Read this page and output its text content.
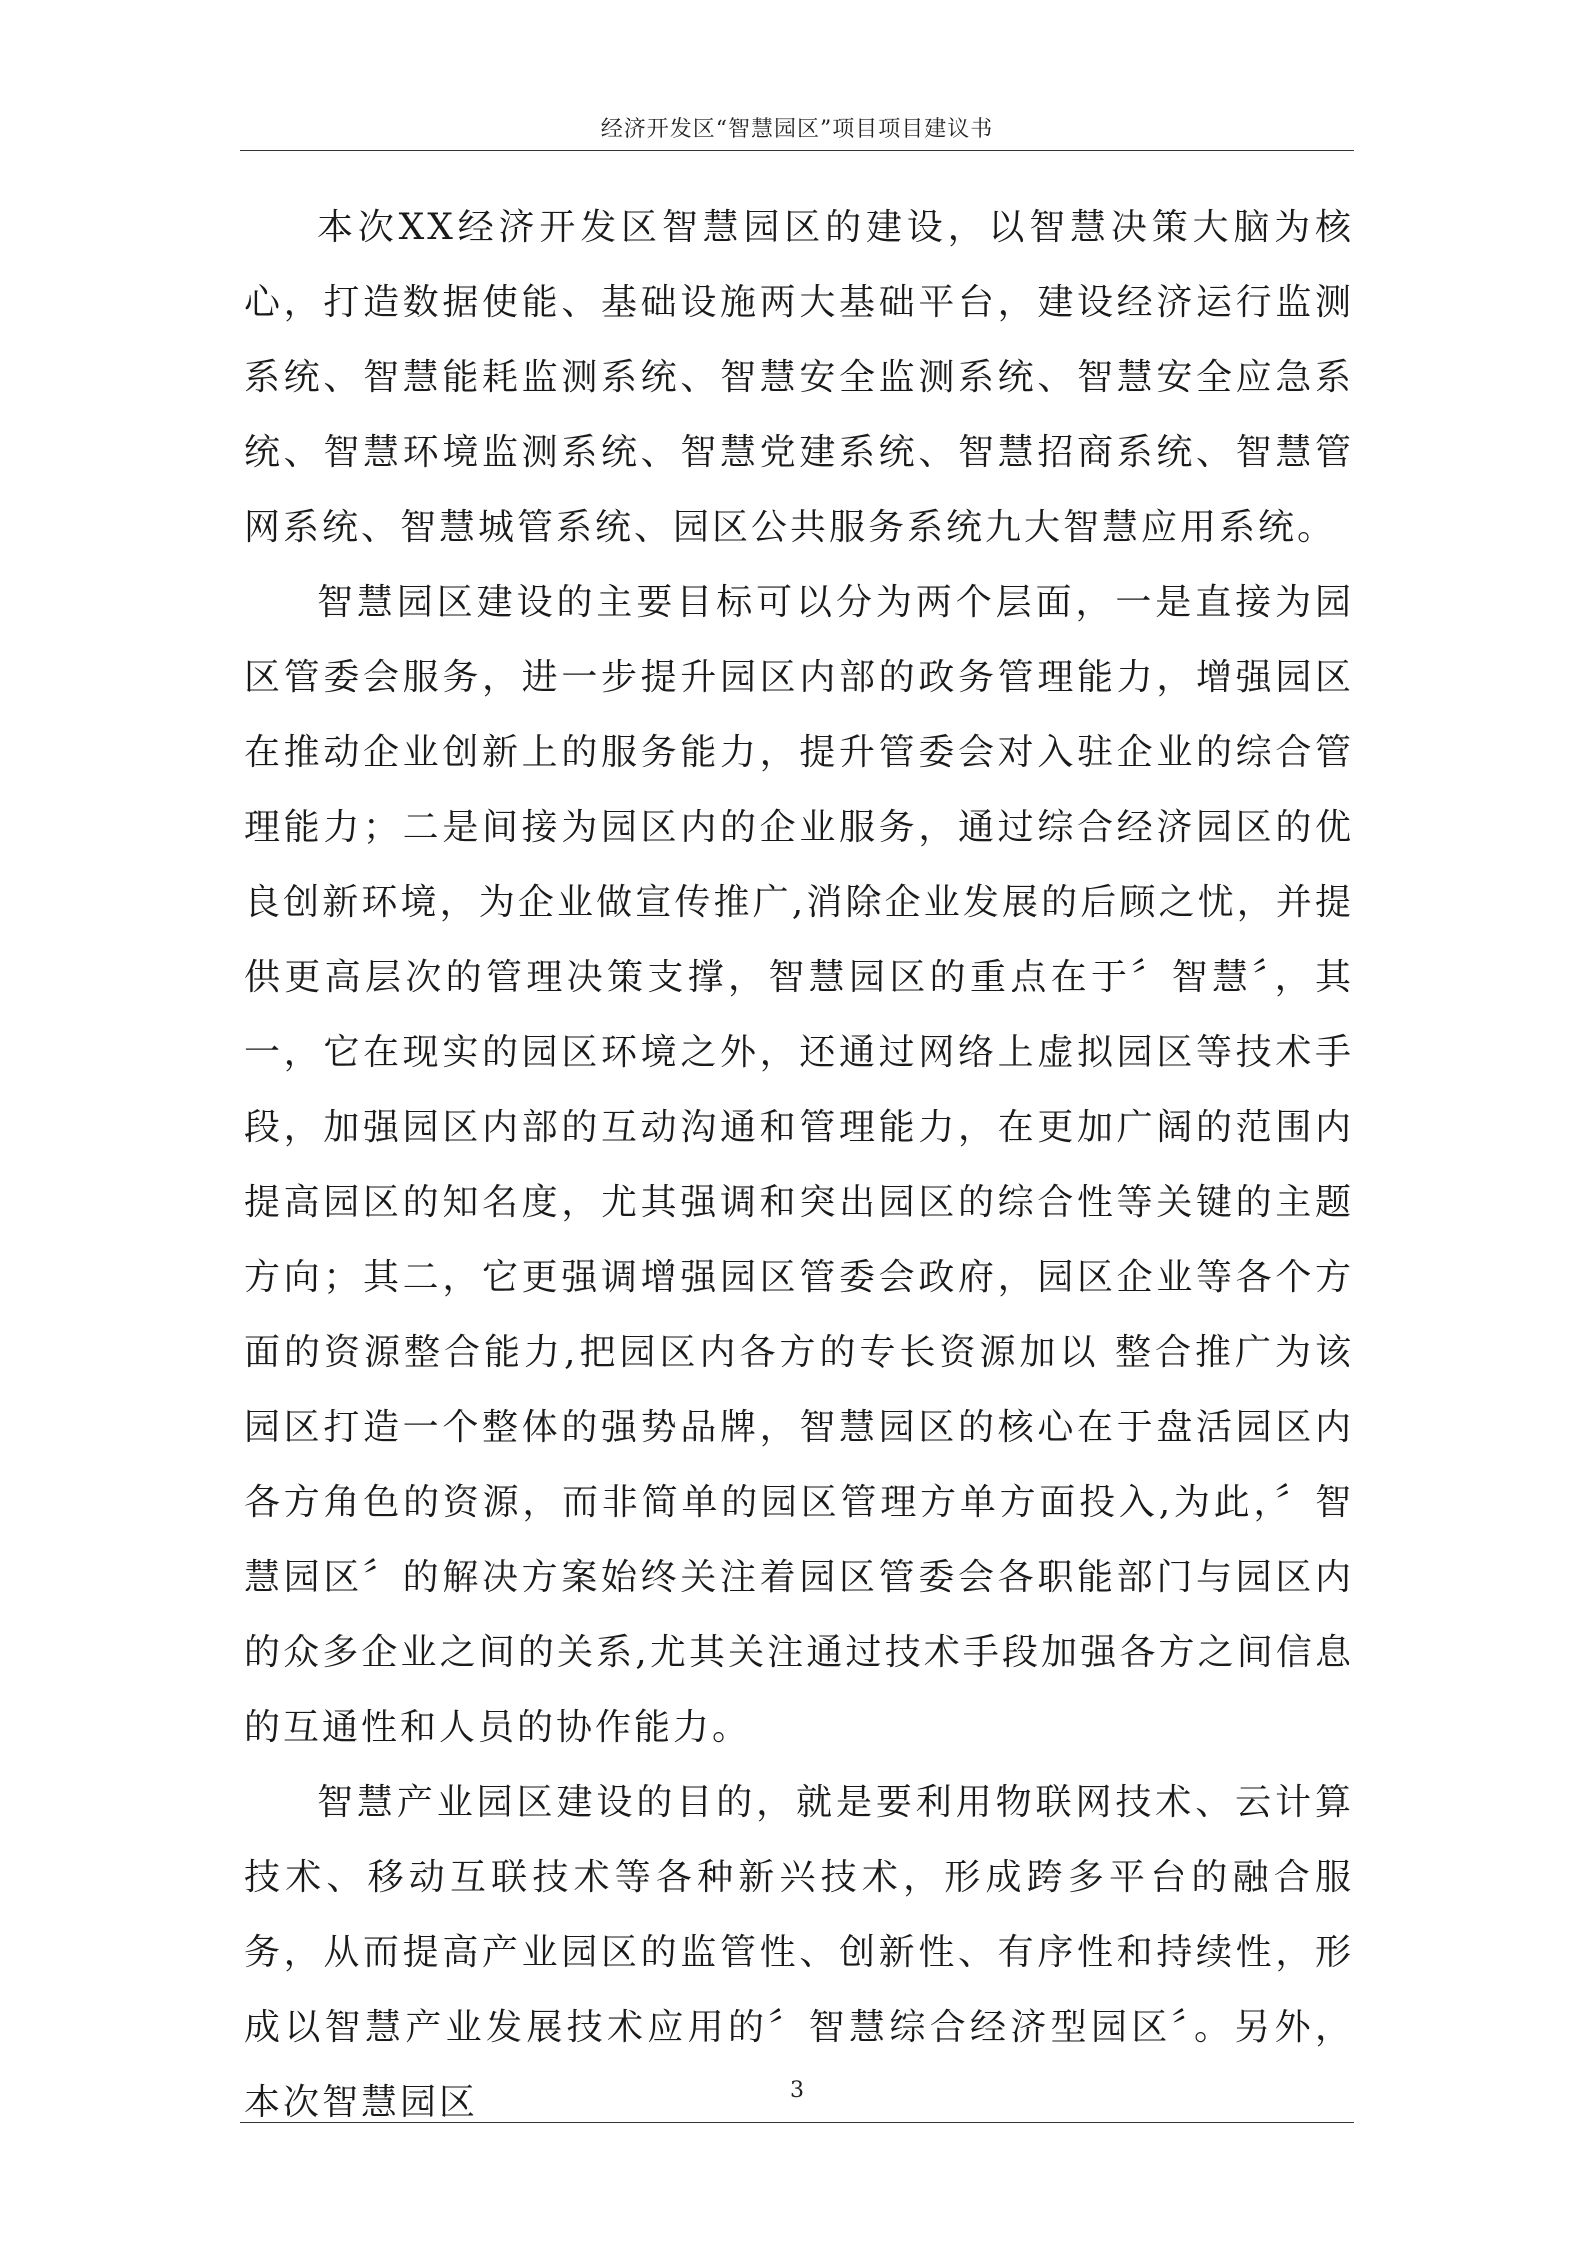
经济开发区“智慧园区”项目项目建议书

本次XX经济开发区智慧园区的建设，以智慧决策大脑为核心，打造数据使能、基础设施两大基础平台，建设经济运行监测系统、智慧能耗监测系统、智慧安全监测系统、智慧安全应急系统、智慧环境监测系统、智慧党建系统、智慧招商系统、智慧管网系统、智慧城管系统、园区公共服务系统九大智慧应用系统。

智慧园区建设的主要目标可以分为两个层面，一是直接为园区管委会服务，进一步提升园区内部的政务管理能力，增强园区在推动企业创新上的服务能力，提升管委会对入驻企业的综合管理能力；二是间接为园区内的企业服务，通过综合经济园区的优良创新环境，为企业做宣传推广,消除企业发展的后顾之忧，并提供更高层次的管理决策支撑，智慧园区的重点在于〞智慧〞，其一，它在现实的园区环境之外，还通过网络上虚拟园区等技术手段，加强园区内部的互动沟通和管理能力，在更加广阔的范围内提高园区的知名度，尤其强调和突出园区的综合性等关键的主题方向；其二，它更强调增强园区管委会政府，园区企业等各个方面的资源整合能力,把园区内各方的专长资源加以 整合推广为该园区打造一个整体的强势品牌，智慧园区的核心在于盘活园区内各方角色的资源，而非简单的园区管理方单方面投入,为此，〞智慧园区〞的解决方案始终关注着园区管委会各职能部门与园区内的众多企业之间的关系,尤其关注通过技术手段加强各方之间信息的互通性和人员的协作能力。

智慧产业园区建设的目的，就是要利用物联网技术、云计算技术、移动互联技术等各种新兴技术，形成跨多平台的融合服务，从而提高产业园区的监管性、创新性、有序性和持续性，形成以智慧产业发展技术应用的〞智慧综合经济型园区〞。另外，本次智慧园区	3
